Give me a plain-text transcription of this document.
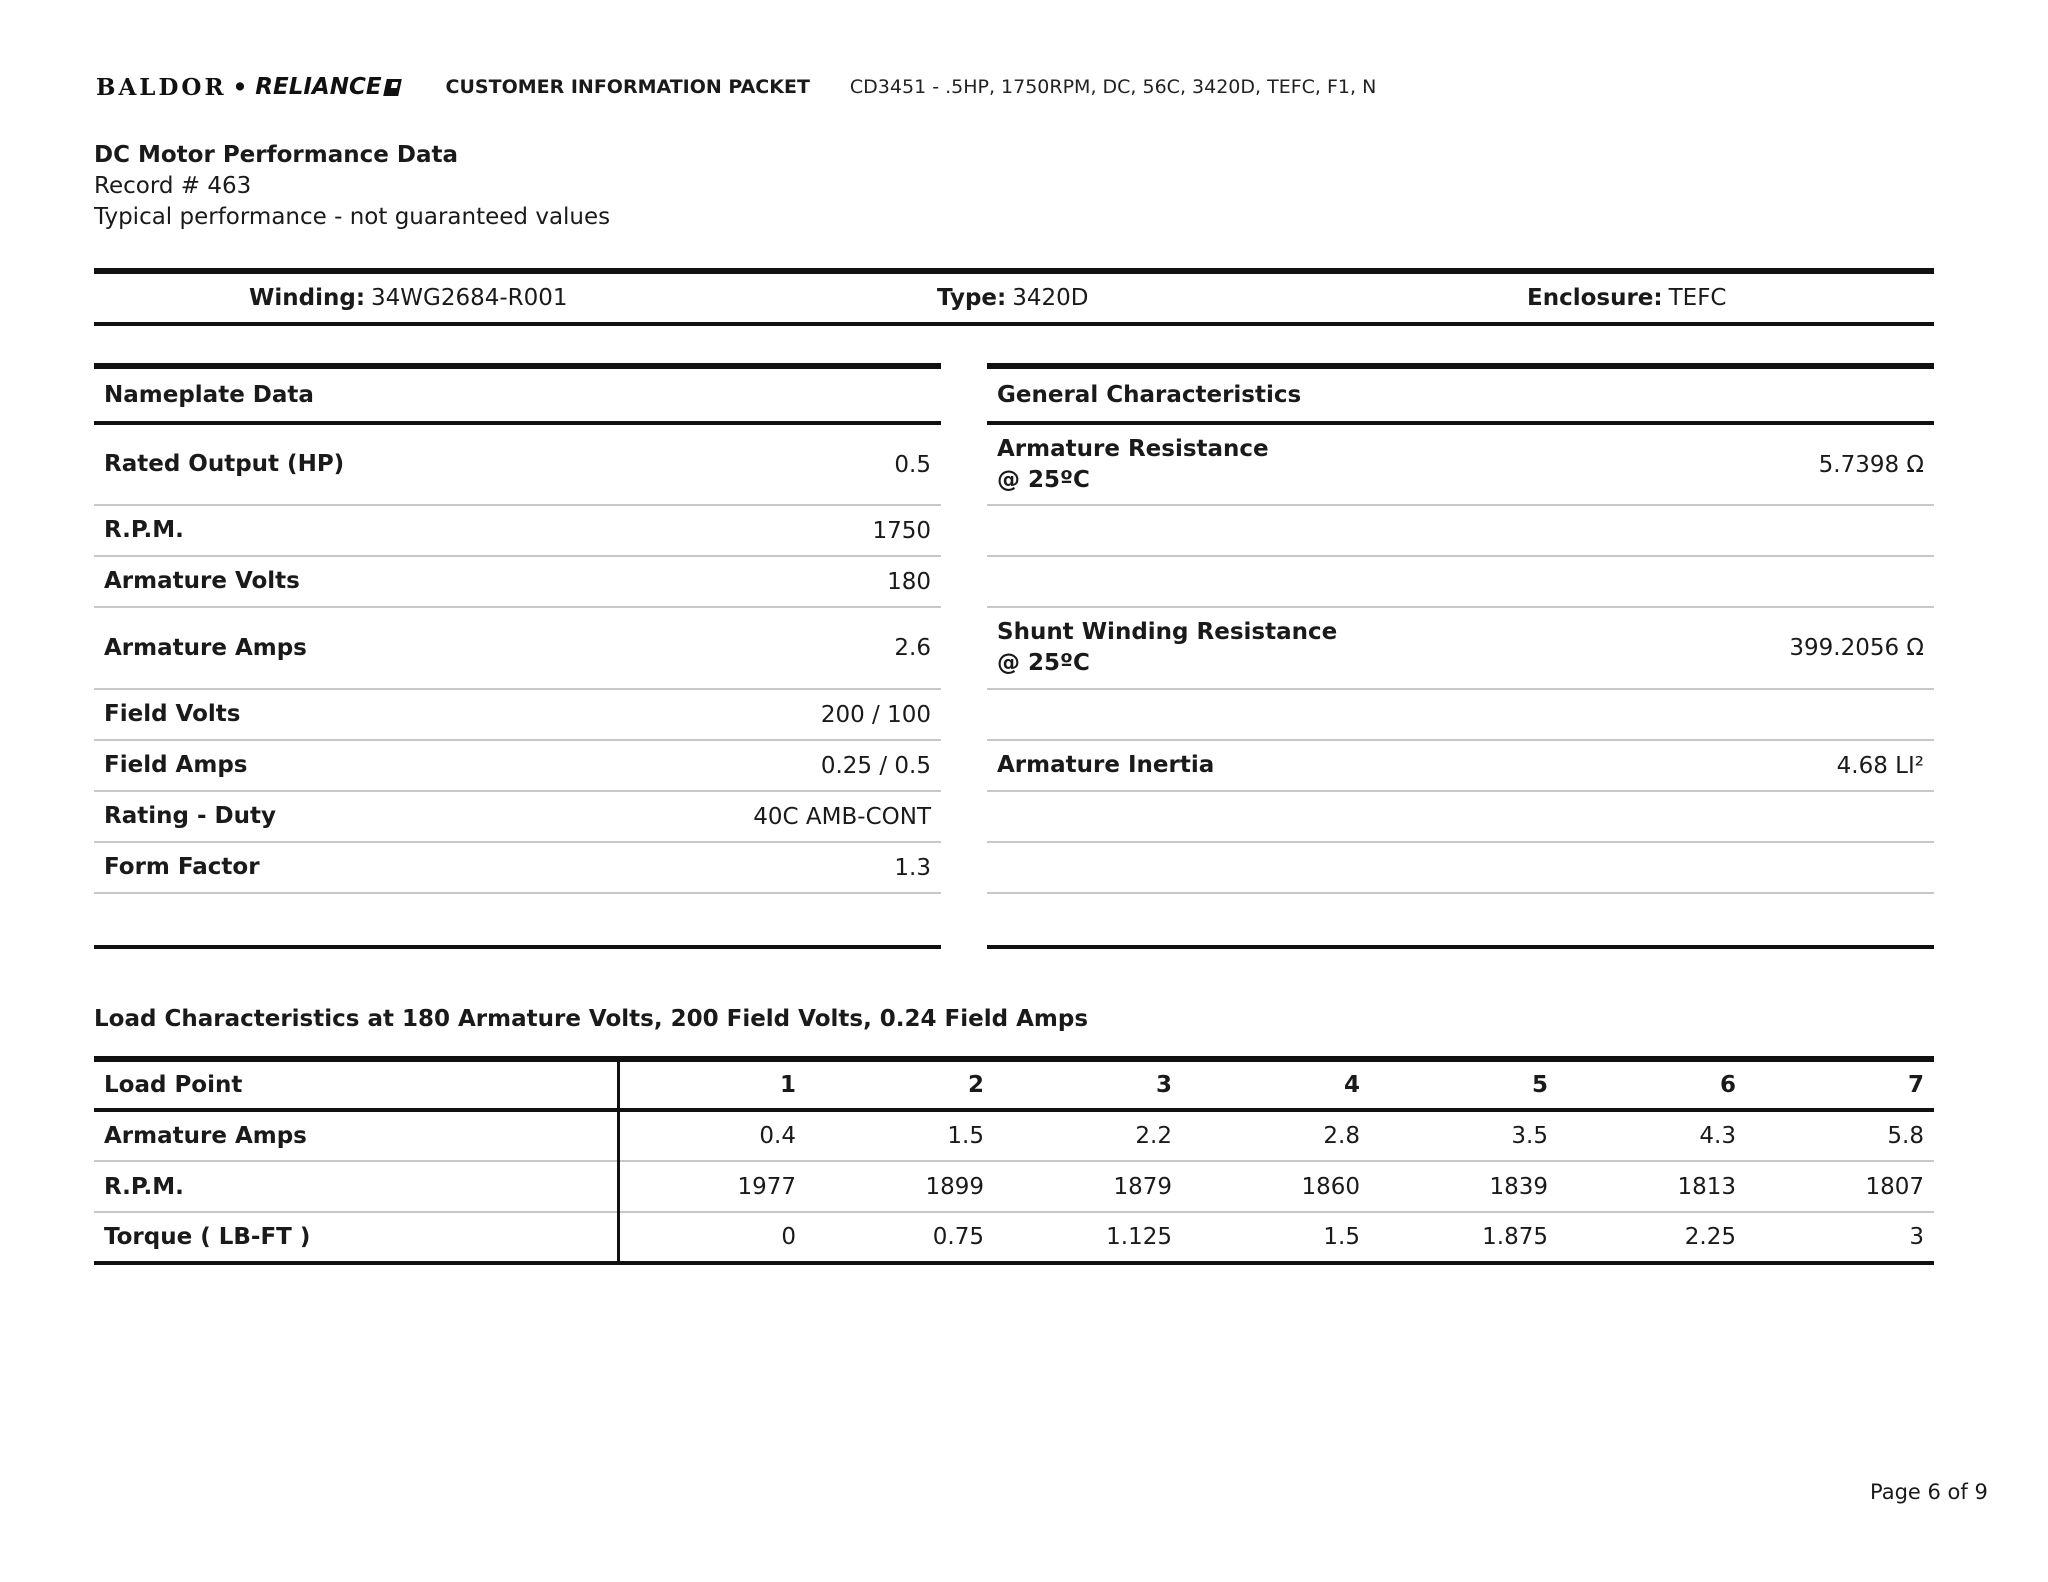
BALDOR • RELIANCE	CUSTOMER INFORMATION PACKET CD3451 - .5HP, 1750RPM, DC, 56C, 3420D, TEFC, F1, N
DC Motor Performance Data
Record # 463
Typical performance - not guaranteed values
Winding: 34WG2684-R001	Type: 3420D	Enclosure: TEFC
Nameplate Data	
Rated Output (HP)	0.5
R.P.M.	1750
Armature Volts	180
Armature Amps	2.6
Field Volts	200 / 100
Field Amps	0.25 / 0.5
Rating - Duty	40C AMB-CONT
Form Factor	1.3
General Characteristics	
Armature Resistance
@ 25ºC	5.7398 Ω

Shunt Winding Resistance
@ 25ºC	399.2056 Ω

Armature Inertia	4.68 LI²

Load Characteristics at 180 Armature Volts, 200 Field Volts, 0.24 Field Amps
Load Point	1	2	3	4	5	6	7
Armature Amps	0.4	1.5	2.2	2.8	3.5	4.3	5.8
R.P.M.	1977	1899	1879	1860	1839	1813	1807
Torque ( LB-FT )	0	0.75	1.125	1.5	1.875	2.25	3
Page 6 of 9
